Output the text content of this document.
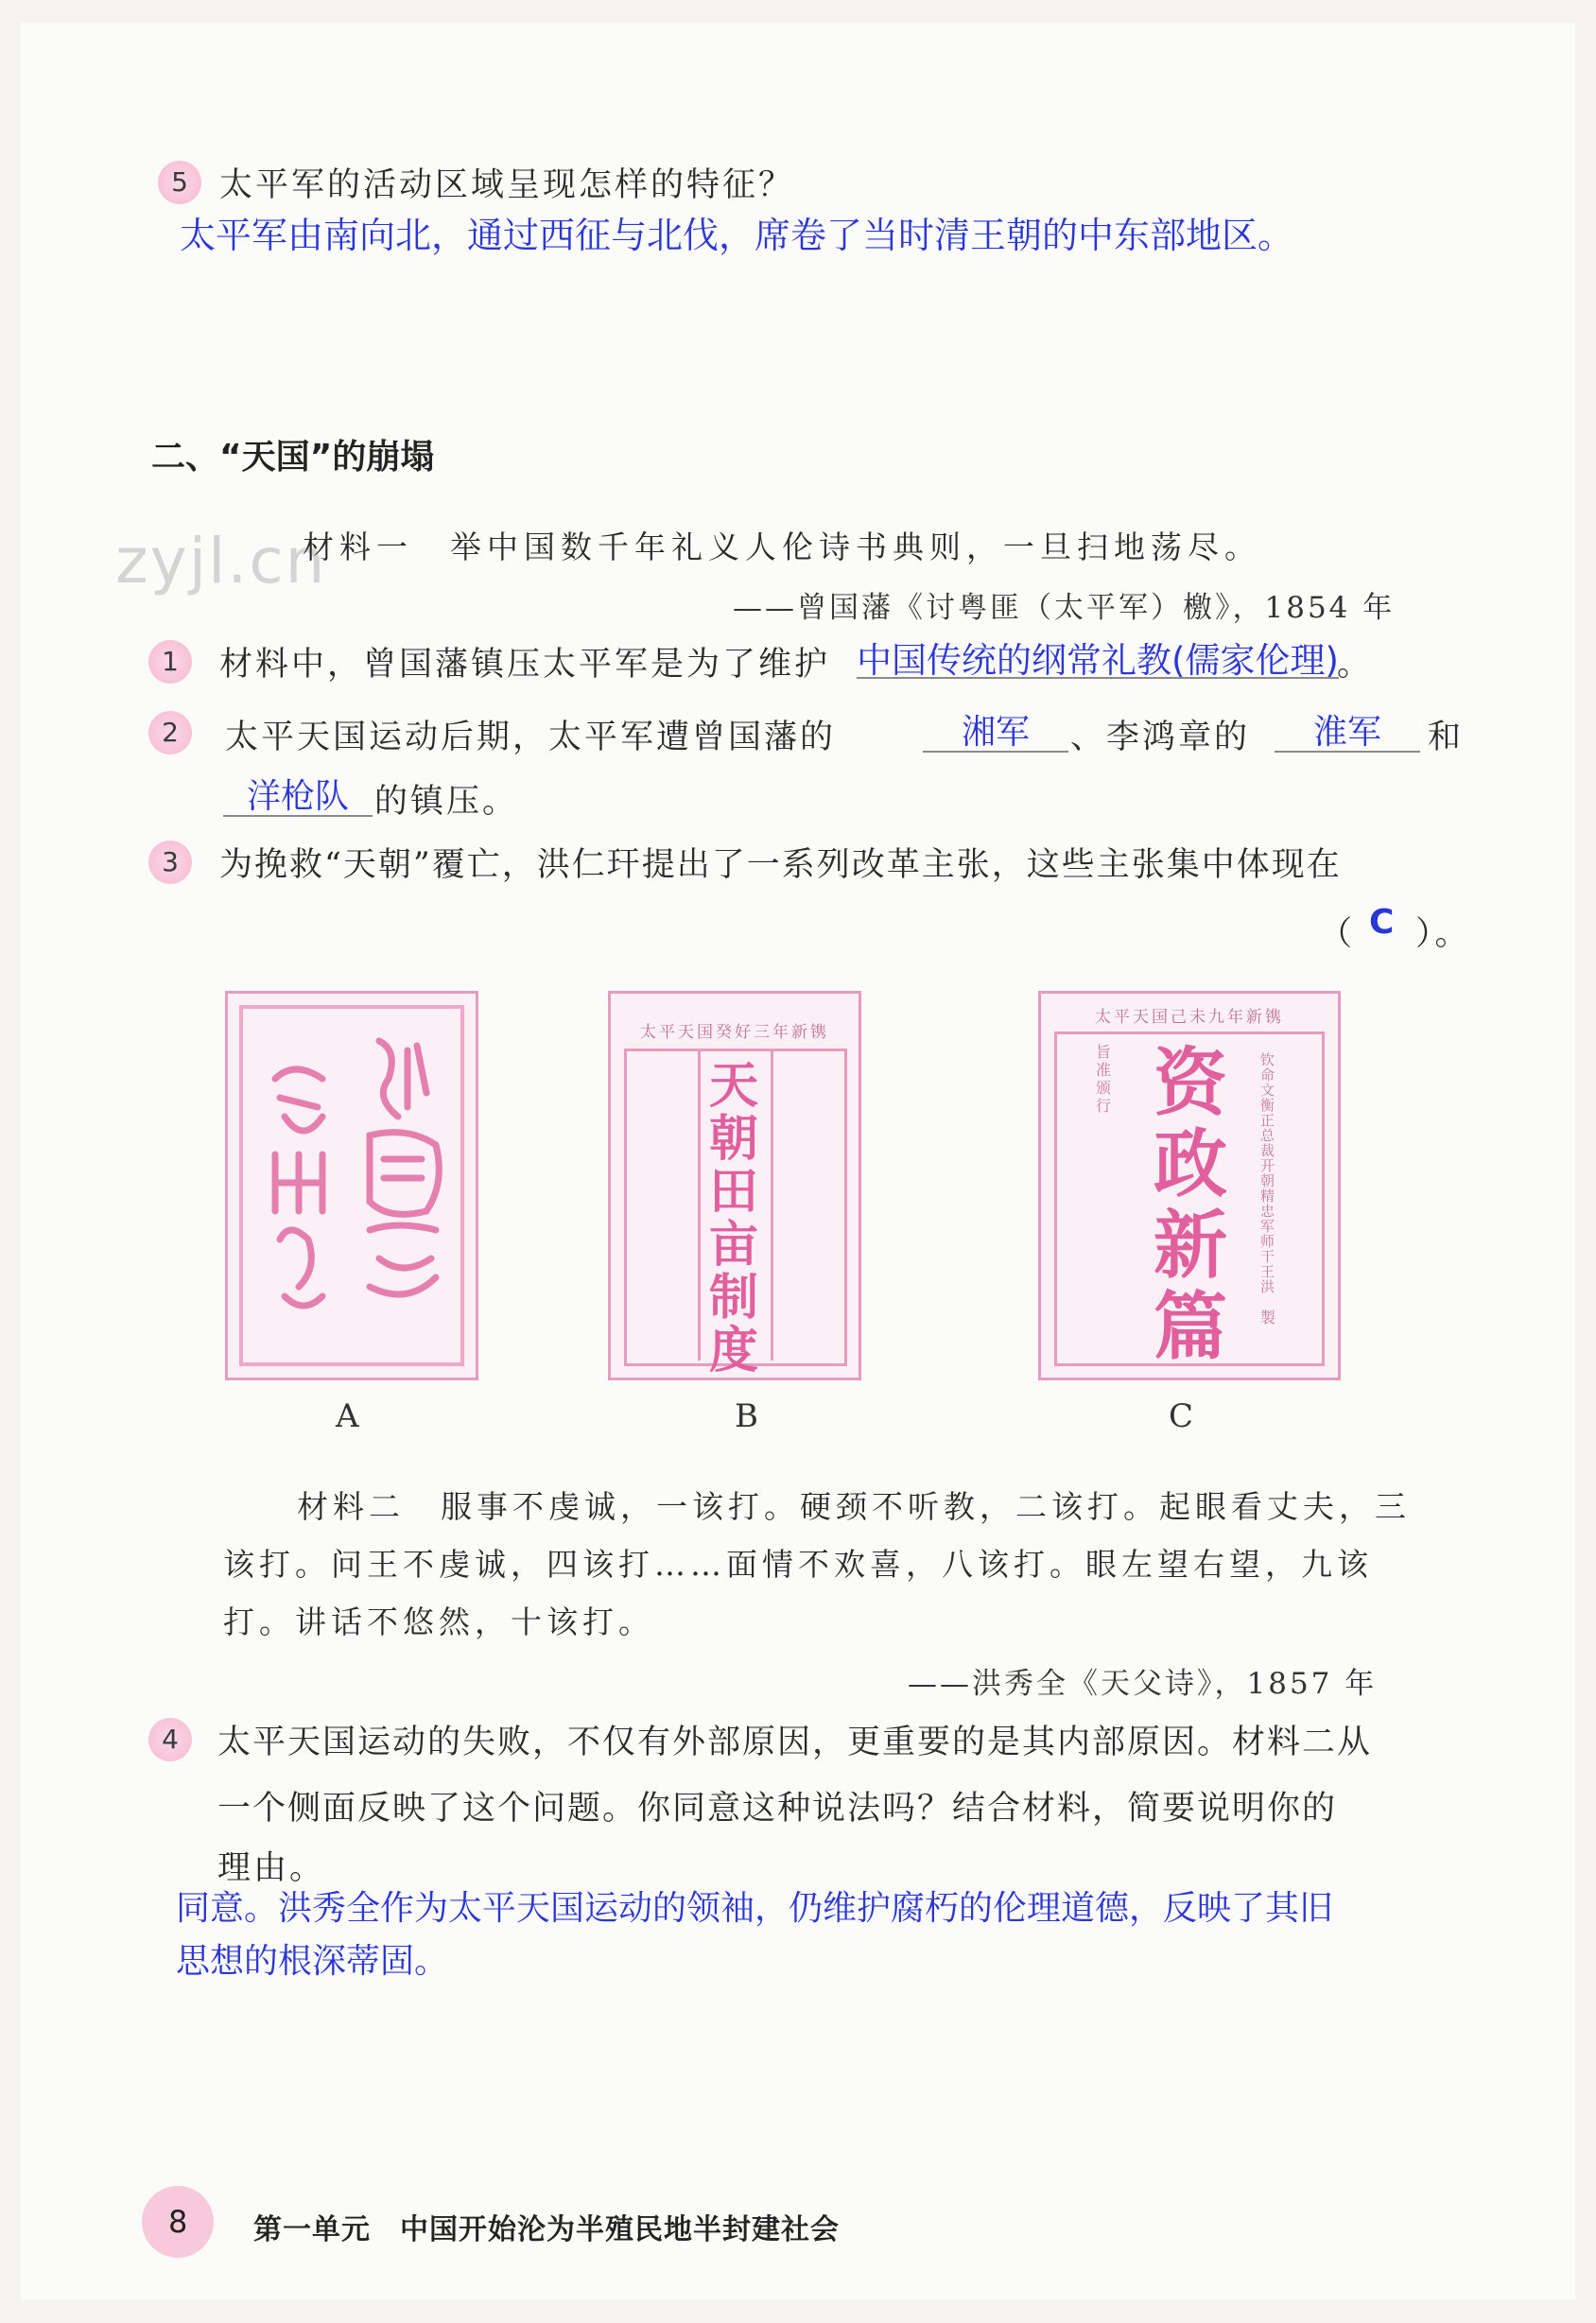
5 太平军的活动区域呈现怎样的特征？
太平军由南向北，通过西征与北伐，席卷了当时清王朝的中东部地区。
二、“天国”的崩塌
zyjl.cn
材料一　举中国数千年礼义人伦诗书典则，一旦扫地荡尽。
——曾国藩《讨粤匪（太平军）檄》，1854 年
1	材料中，曾国藩镇压太平军是为了维护 中国传统的纲常礼教(儒家伦理)
。
2	太平天国运动后期，太平军遭曾国藩的	湘军	、李鸿章的	淮军	和
洋枪队 的镇压。
3	为挽救“天朝”覆亡，洪仁玕提出了一系列改革主张，这些主张集中体现在
（ C ）。
A
太平天国癸好三年新镌
天朝田亩制度
B
太平天国己未九年新镌
旨准颁行 资政新篇
钦命文衡正总裁开朝精忠军师干王洪
製
C
材料二　服事不虔诚，一该打。硬颈不听教，二该打。起眼看丈夫，三
该打。问王不虔诚，四该打……面情不欢喜，八该打。眼左望右望，九该
打。讲话不悠然，十该打。
——洪秀全《天父诗》，1857 年
4	太平天国运动的失败，不仅有外部原因，更重要的是其内部原因。材料二从
一个侧面反映了这个问题。你同意这种说法吗？结合材料，简要说明你的
理由。
同意。洪秀全作为太平天国运动的领袖，仍维护腐朽的伦理道德，反映了其旧
思想的根深蒂固。
8 第一单元　中国开始沦为半殖民地半封建社会
